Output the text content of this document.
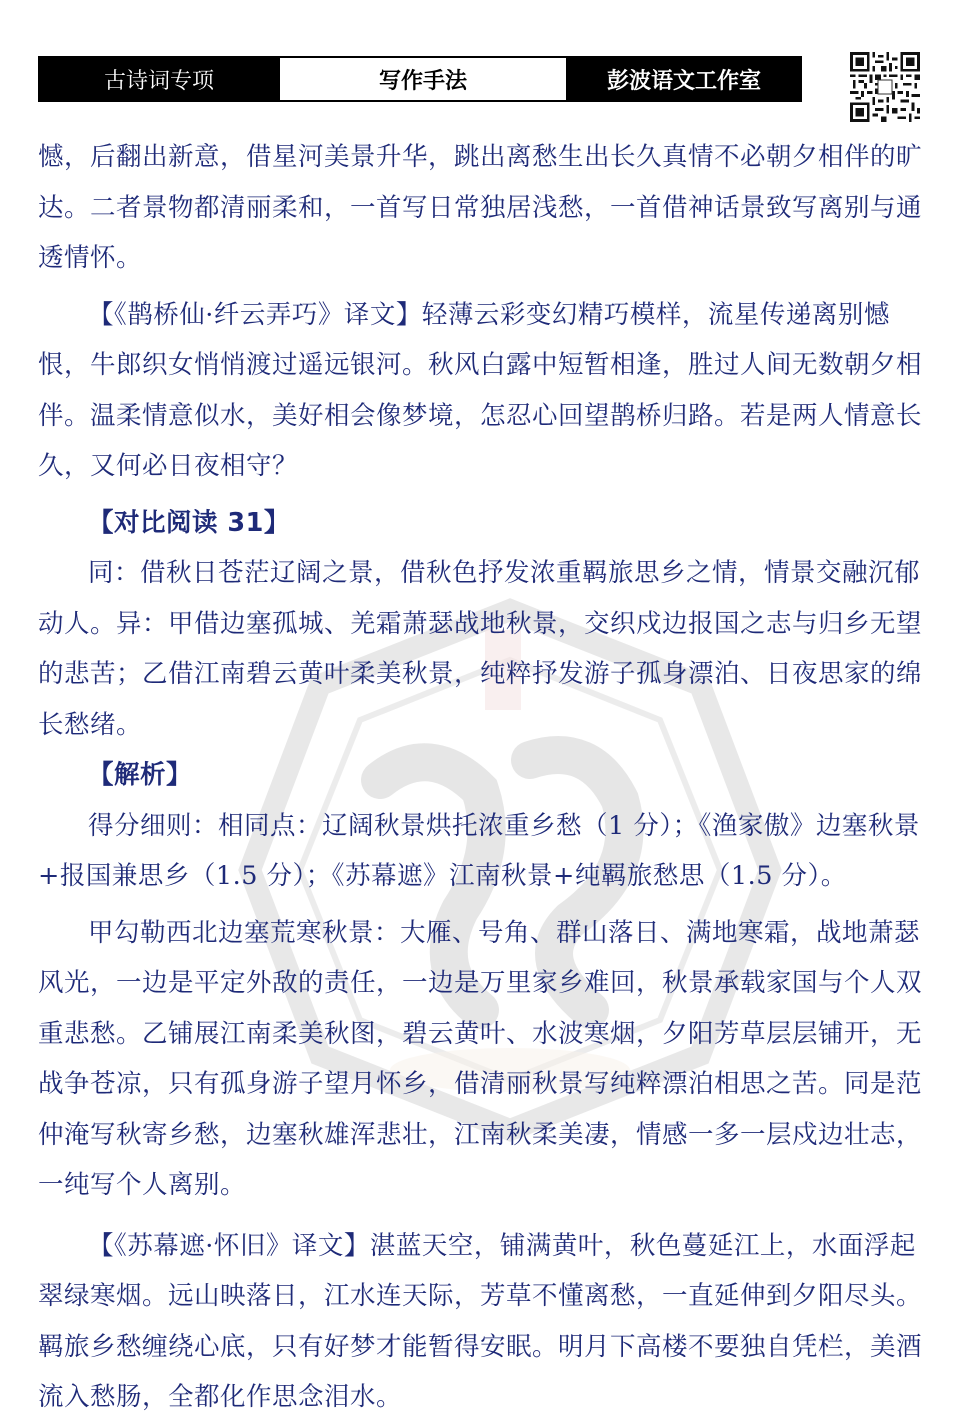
古诗词专项	写作手法	彭波语文工作室

憾，后翻出新意，借星河美景升华，跳出离愁生出长久真情不必朝夕相伴的旷达。二者景物都清丽柔和，一首写日常独居浅愁，一首借神话景致写离别与通透情怀。

【《鹊桥仙·纤云弄巧》译文】轻薄云彩变幻精巧模样，流星传递离别憾恨，牛郎织女悄悄渡过遥远银河。秋风白露中短暂相逢，胜过人间无数朝夕相伴。温柔情意似水，美好相会像梦境，怎忍心回望鹊桥归路。若是两人情意长久，又何必日夜相守？

【对比阅读 31】

同：借秋日苍茫辽阔之景，借秋色抒发浓重羁旅思乡之情，情景交融沉郁动人。异：甲借边塞孤城、羌霜萧瑟战地秋景，交织戍边报国之志与归乡无望的悲苦；乙借江南碧云黄叶柔美秋景，纯粹抒发游子孤身漂泊、日夜思家的绵长愁绪。

【解析】

得分细则：相同点：辽阔秋景烘托浓重乡愁（1 分）；《渔家傲》边塞秋景+报国兼思乡（1.5 分）；《苏幕遮》江南秋景+纯羁旅愁思（1.5 分）。

甲勾勒西北边塞荒寒秋景：大雁、号角、群山落日、满地寒霜，战地萧瑟风光，一边是平定外敌的责任，一边是万里家乡难回，秋景承载家国与个人双重悲愁。乙铺展江南柔美秋图，碧云黄叶、水波寒烟，夕阳芳草层层铺开，无战争苍凉，只有孤身游子望月怀乡，借清丽秋景写纯粹漂泊相思之苦。同是范仲淹写秋寄乡愁，边塞秋雄浑悲壮，江南秋柔美凄，情感一多一层戍边壮志，一纯写个人离别。

【《苏幕遮·怀旧》译文】湛蓝天空，铺满黄叶，秋色蔓延江上，水面浮起翠绿寒烟。远山映落日，江水连天际，芳草不懂离愁，一直延伸到夕阳尽头。羁旅乡愁缠绕心底，只有好梦才能暂得安眠。明月下高楼不要独自凭栏，美酒流入愁肠，全都化作思念泪水。
